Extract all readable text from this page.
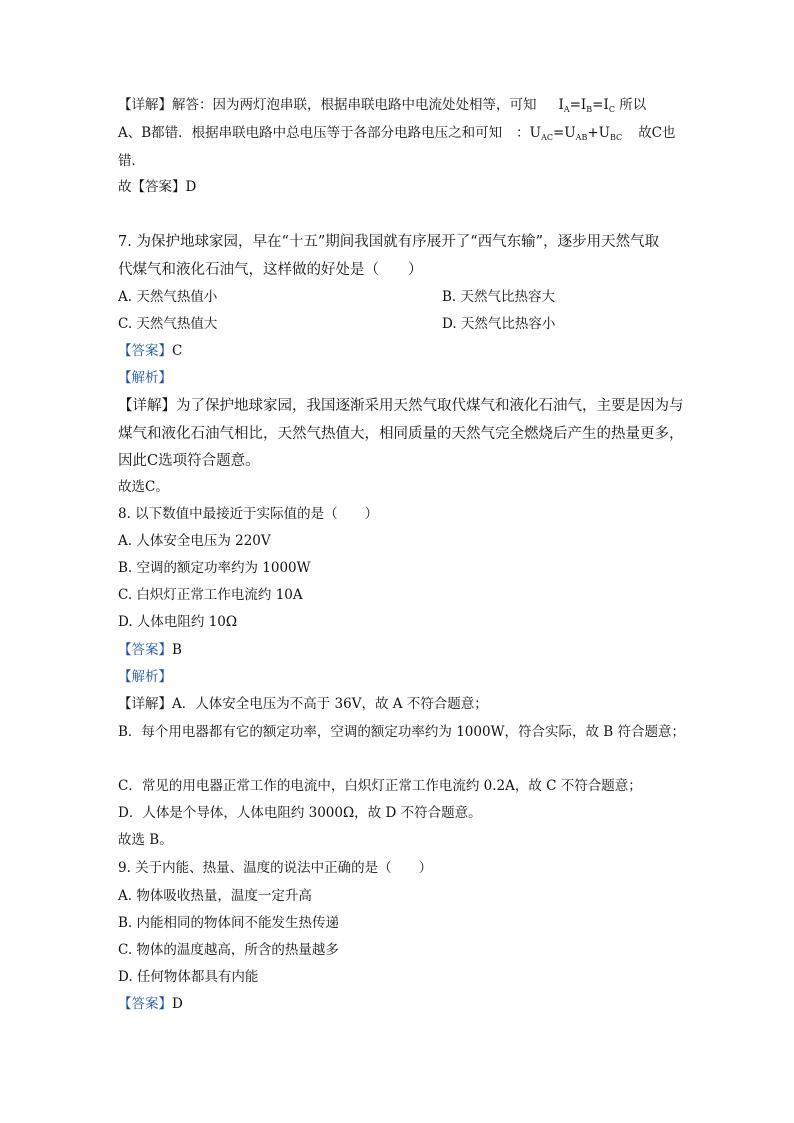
【详解】解答：因为两灯泡串联，根据串联电路中电流处处相等，可知 $I_A=I_B=I_C$ 所以
A、B都错．根据串联电路中总电压等于各部分电路电压之和可知 ：$U_{AC}=U_{AB}+U_{BC}$ 故C也
错．
故【答案】D
7. 为保护地球家园，早在“十五”期间我国就有序展开了“西气东输”，逐步用天然气取
代煤气和液化石油气，这样做的好处是（　　）
A. 天然气热值小	B. 天然气比热容大
C. 天然气热值大	D. 天然气比热容小
【答案】C
【解析】
【详解】为了保护地球家园，我国逐渐采用天然气取代煤气和液化石油气，主要是因为与
煤气和液化石油气相比，天然气热值大，相同质量的天然气完全燃烧后产生的热量更多，
因此C选项符合题意。
故选C。
8. 以下数值中最接近于实际值的是（　　）
A. 人体安全电压为 220V
B. 空调的额定功率约为 1000W
C. 白炽灯正常工作电流约 10A
D. 人体电阻约 10Ω
【答案】B
【解析】
【详解】A．人体安全电压为不高于 36V，故 A 不符合题意；
B．每个用电器都有它的额定功率，空调的额定功率约为 1000W，符合实际，故 B 符合题意；
C．常见的用电器正常工作的电流中，白炽灯正常工作电流约 0.2A，故 C 不符合题意；
D．人体是个导体，人体电阻约 3000Ω，故 D 不符合题意。
故选 B。
9. 关于内能、热量、温度的说法中正确的是（　　）
A. 物体吸收热量，温度一定升高
B. 内能相同的物体间不能发生热传递
C. 物体的温度越高，所含的热量越多
D. 任何物体都具有内能
【答案】D
